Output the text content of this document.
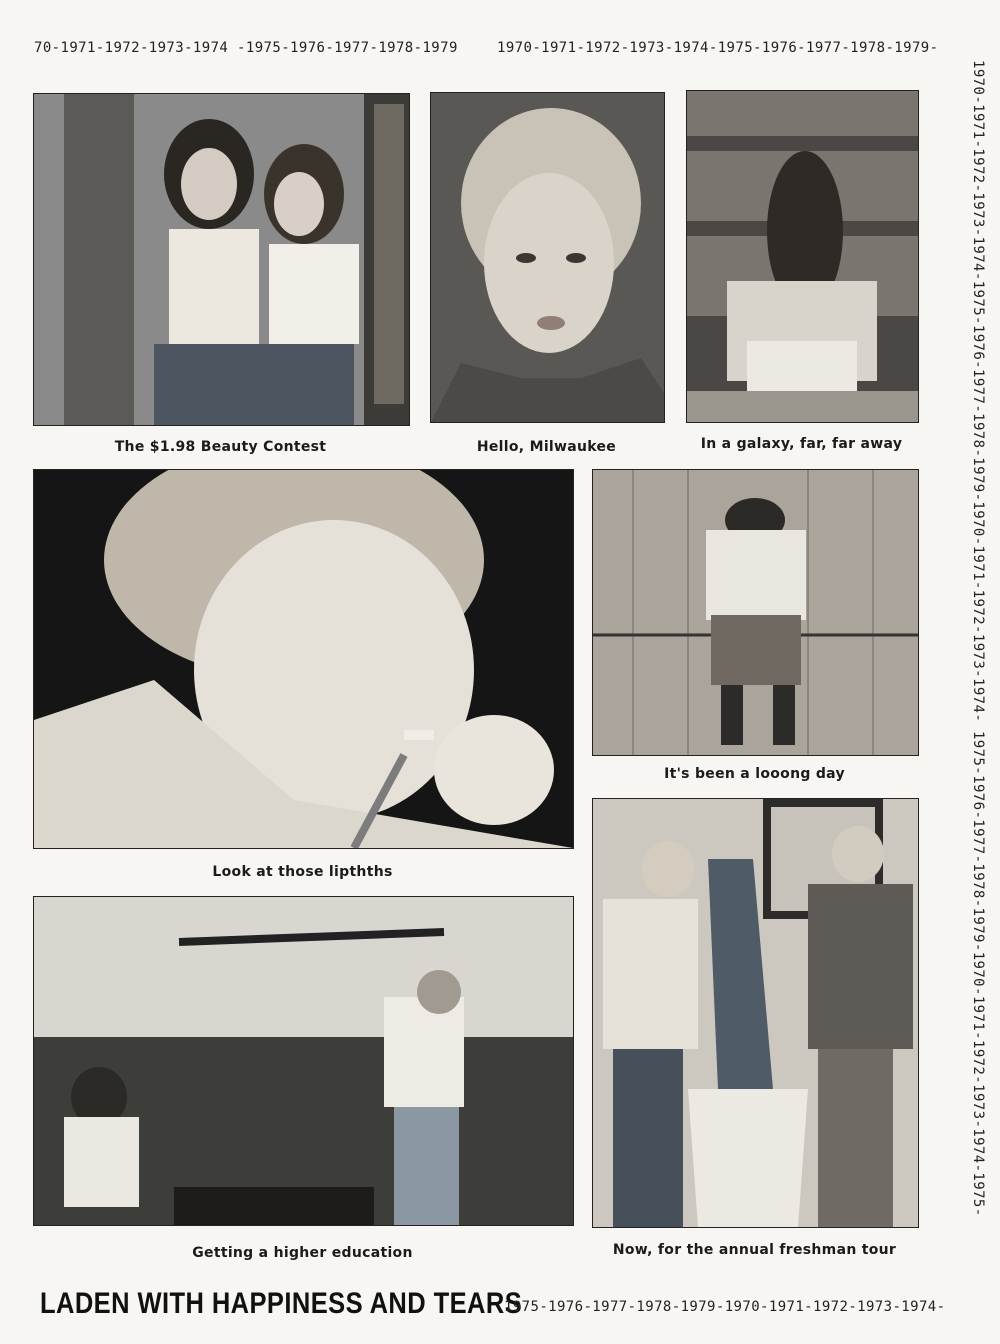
70-1971-1972-1973-1974 -1975-1976-1977-1978-1979	1970-1971-1972-1973-1974-1975-1976-1977-1978-1979-
1970-1971-1972-1973-1974-1975-1976-1977-1978-1979-1970-1971-1972-1973-1974- 1975-1976-1977-1978-1979-1970-1971-1972-1973-1974-1975-
The $1.98 Beauty Contest	Hello, Milwaukee	In a galaxy, far, far away
Look at those lipthths
It's been a looong day
Getting a higher education	Now, for the annual freshman tour
LADEN WITH HAPPINESS AND TEARS
1975-1976-1977-1978-1979-1970-1971-1972-1973-1974-
